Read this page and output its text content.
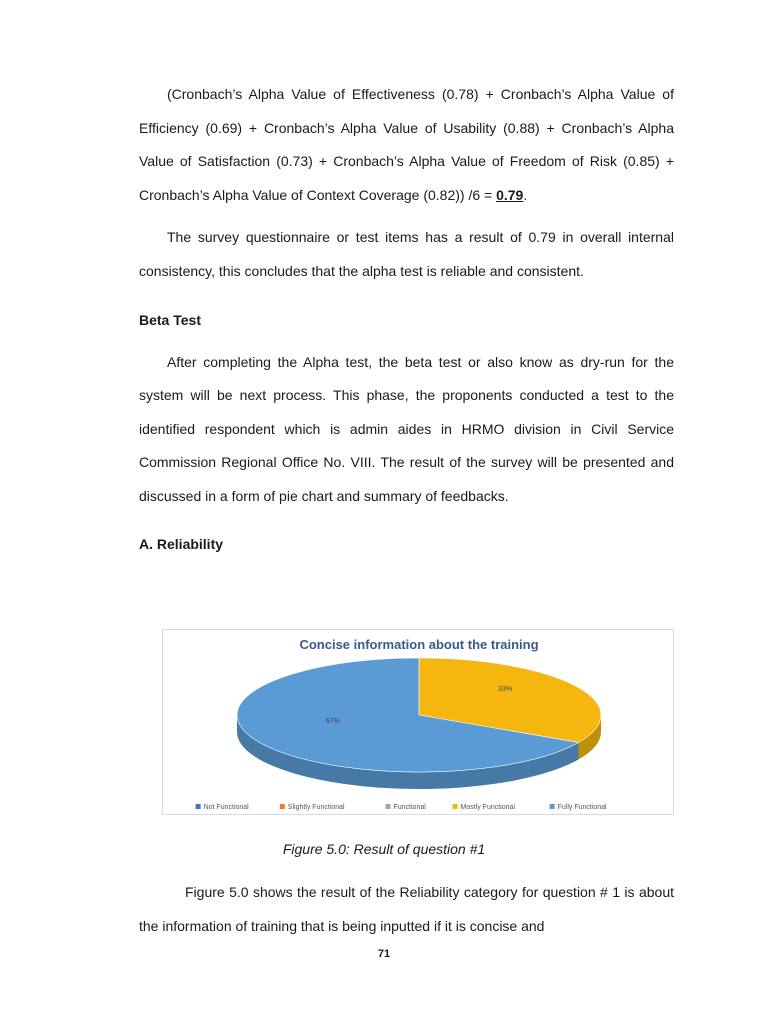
(Cronbach’s Alpha Value of Effectiveness (0.78) + Cronbach’s Alpha Value of Efficiency (0.69) + Cronbach’s Alpha Value of Usability (0.88) + Cronbach’s Alpha Value of Satisfaction (0.73) + Cronbach’s Alpha Value of Freedom of Risk (0.85) + Cronbach’s Alpha Value of Context Coverage (0.82)) /6 = 0.79.

The survey questionnaire or test items has a result of 0.79 in overall internal consistency, this concludes that the alpha test is reliable and consistent.

Beta Test

After completing the Alpha test, the beta test or also know as dry-run for the system will be next process. This phase, the proponents conducted a test to the identified respondent which is admin aides in HRMO division in Civil Service Commission Regional Office No. VIII. The result of the survey will be presented and discussed in a form of pie chart and summary of feedbacks.

A. Reliability

Concise information about the training
33%
67%
Not Functional	Slightly Functional	Functional	Mostly Functional	Fully Functional
Figure 5.0: Result of question #1

Figure 5.0 shows the result of the Reliability category for question # 1 is about the information of training that is being inputted if it is concise and

71
